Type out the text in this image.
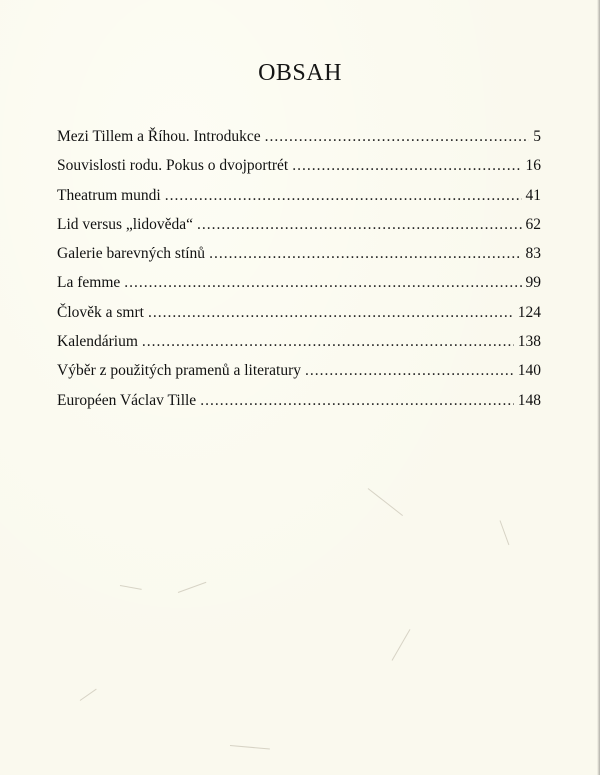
OBSAH
Mezi Tillem a Říhou. Introdukce .....	5
Souvislosti rodu. Pokus o dvojportrét .....	16
Theatrum mundi .....	41
Lid versus „lidověda“ .....	62
Galerie barevných stínů .....	83
La femme .....	99
Člověk a smrt .....	124
Kalendárium .....	138
Výběr z použitých pramenů a literatury .....	140
Européen Václav Tille .....	148
